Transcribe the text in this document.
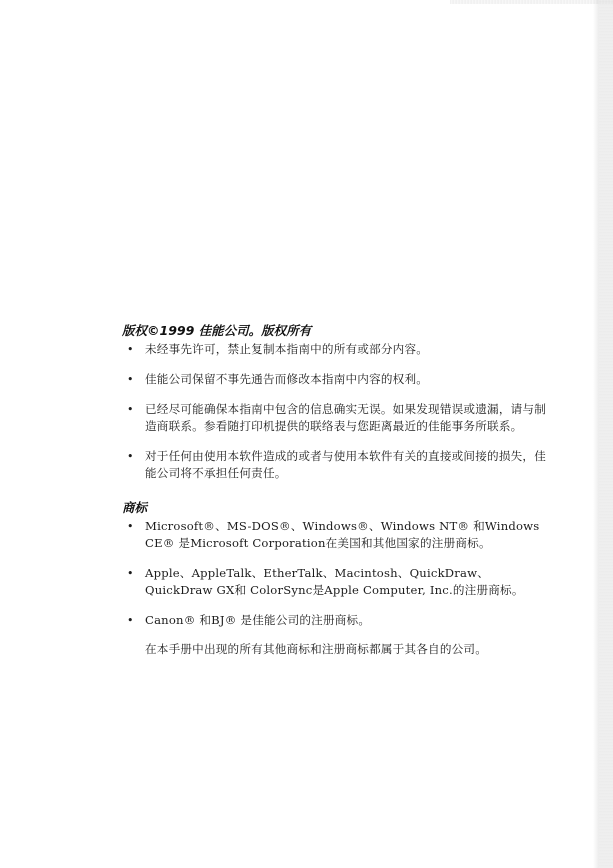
版权©1999 佳能公司。版权所有
• 未经事先许可，禁止复制本指南中的所有或部分内容。
• 佳能公司保留不事先通告而修改本指南中内容的权利。
• 已经尽可能确保本指南中包含的信息确实无误。如果发现错误或遗漏，请与制造商联系。参看随打印机提供的联络表与您距离最近的佳能事务所联系。
• 对于任何由使用本软件造成的或者与使用本软件有关的直接或间接的损失，佳能公司将不承担任何责任。
商标
• Microsoft®、MS-DOS®、Windows®、Windows NT® 和Windows CE® 是Microsoft Corporation在美国和其他国家的注册商标。
• Apple、AppleTalk、EtherTalk、Macintosh、QuickDraw、QuickDraw GX和 ColorSync是Apple Computer, Inc.的注册商标。
• Canon® 和BJ® 是佳能公司的注册商标。

在本手册中出现的所有其他商标和注册商标都属于其各自的公司。
